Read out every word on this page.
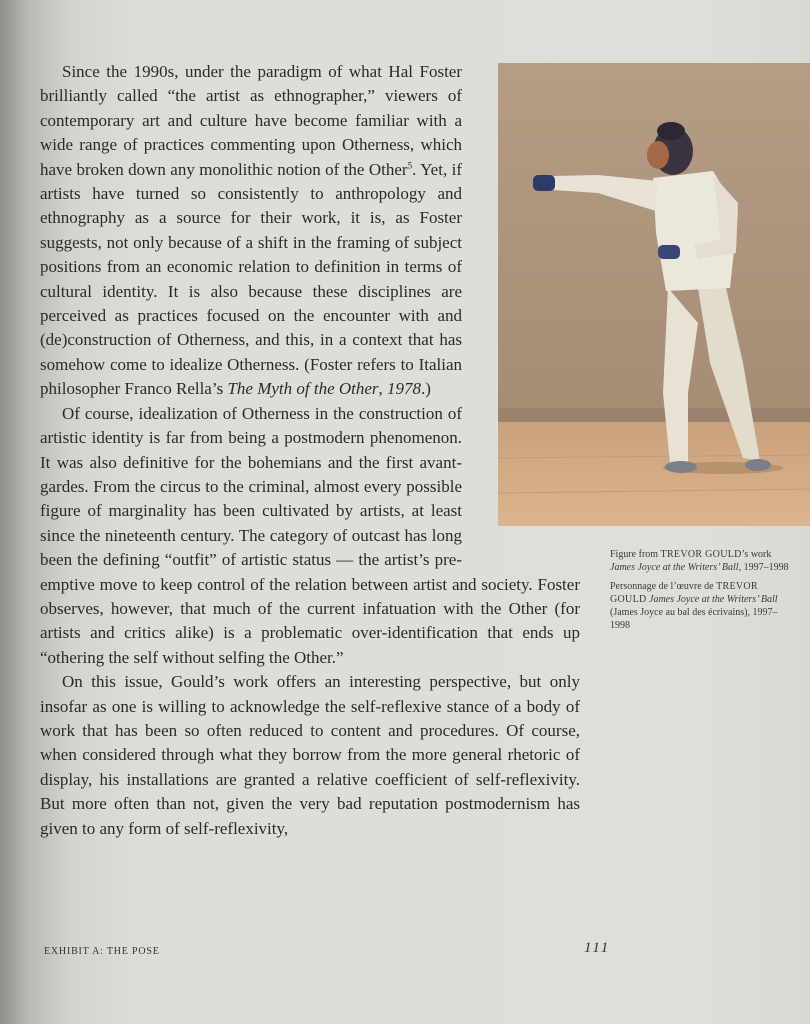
Since the 1990s, under the paradigm of what Hal Foster brilliantly called “the artist as ethnographer,” viewers of contemporary art and culture have become familiar with a wide range of practices commenting upon Otherness, which have broken down any monolithic notion of the Other$^5$. Yet, if artists have turned so consistently to anthropology and ethnography as a source for their work, it is, as Foster suggests, not only because of a shift in the framing of subject positions from an economic relation to definition in terms of cultural identity. It is also because these disciplines are perceived as practices focused on the encounter with and (de)construction of Otherness, and this, in a context that has somehow come to idealize Otherness. (Foster refers to Italian philosopher Franco Rella’s The Myth of the Other, 1978.)

Of course, idealization of Otherness in the construction of artistic identity is far from being a postmodern phenomenon. It was also definitive for the bohemians and the first avant-gardes. From the circus to the criminal, almost every possible figure of marginality has been cultivated by artists, at least since the nineteenth century. The category of outcast has long been the defining “outfit” of artistic status — the artist’s pre-emptive move to keep control of the relation between artist and society. Foster observes, however, that much of the current infatuation with the Other (for artists and critics alike) is a problematic over-identification that ends up “othering the self without selfing the Other.”

On this issue, Gould’s work offers an interesting perspective, but only insofar as one is willing to acknowledge the self-reflexive stance of a body of work that has been so often reduced to content and procedures. Of course, when considered through what they borrow from the more general rhetoric of display, his installations are granted a relative coefficient of self-reflexivity. But more often than not, given the very bad reputation postmodernism has given to any form of self-reflexivity,

Figure from TREVOR GOULD’s work James Joyce at the Writers’ Ball, 1997–1998

Personnage de l’œuvre de TREVOR GOULD James Joyce at the Writers’ Ball (James Joyce au bal des écrivains), 1997–1998

EXHIBIT A: THE POSE	111
